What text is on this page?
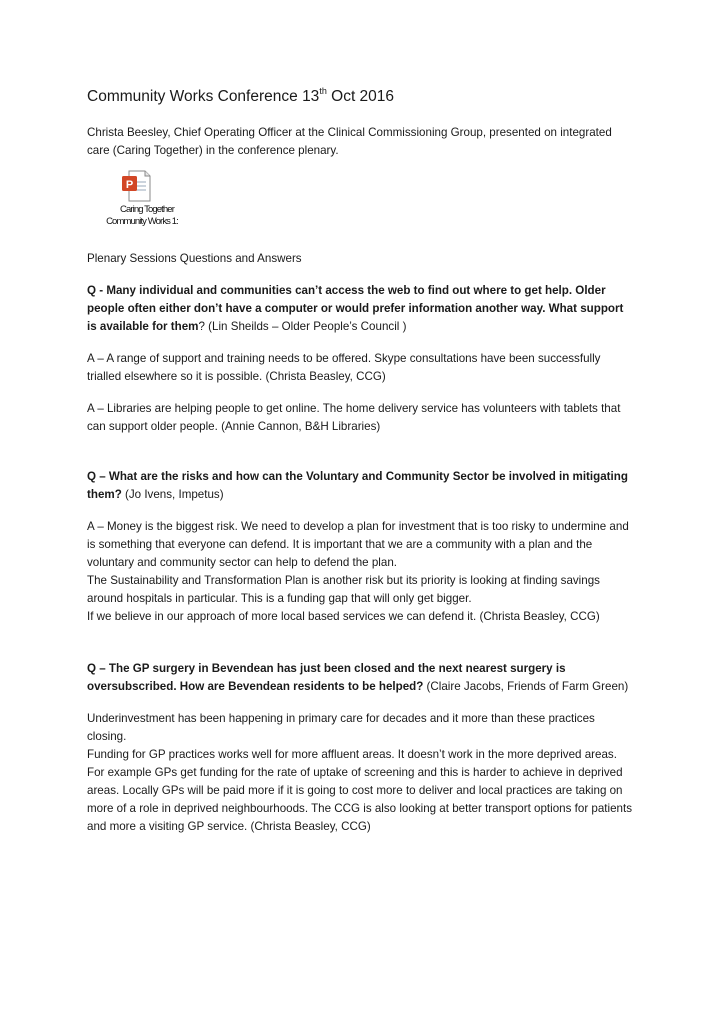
Community Works Conference 13th Oct 2016

Christa Beesley, Chief Operating Officer at the Clinical Commissioning Group, presented on integrated care (Caring Together) in the conference plenary.

P
Caring Together
Community Works 1:

Plenary Sessions Questions and Answers

Q - Many individual and communities can’t access the web to find out where to get help. Older people often either don’t have a computer or would prefer information another way. What support is available for them? (Lin Sheilds – Older People’s Council )

A – A range of support and training needs to be offered. Skype consultations have been successfully trialled elsewhere so it is possible. (Christa Beasley, CCG)

A – Libraries are helping people to get online. The home delivery service has volunteers with tablets that can support older people. (Annie Cannon, B&H Libraries)

Q – What are the risks and how can the Voluntary and Community Sector be involved in mitigating them? (Jo Ivens, Impetus)

A – Money is the biggest risk. We need to develop a plan for investment that is too risky to undermine and is something that everyone can defend. It is important that we are a community with a plan and the voluntary and community sector can help to defend the plan.

The Sustainability and Transformation Plan is another risk but its priority is looking at finding savings around hospitals in particular. This is a funding gap that will only get bigger.

If we believe in our approach of more local based services we can defend it. (Christa Beasley, CCG)

Q – The GP surgery in Bevendean has just been closed and the next nearest surgery is oversubscribed. How are Bevendean residents to be helped? (Claire Jacobs, Friends of Farm Green)

Underinvestment has been happening in primary care for decades and it more than these practices closing.

Funding for GP practices works well for more affluent areas. It doesn’t work in the more deprived areas. For example GPs get funding for the rate of uptake of screening and this is harder to achieve in deprived areas. Locally GPs will be paid more if it is going to cost more to deliver and local practices are taking on more of a role in deprived neighbourhoods. The CCG is also looking at better transport options for patients and more a visiting GP service. (Christa Beasley, CCG)
